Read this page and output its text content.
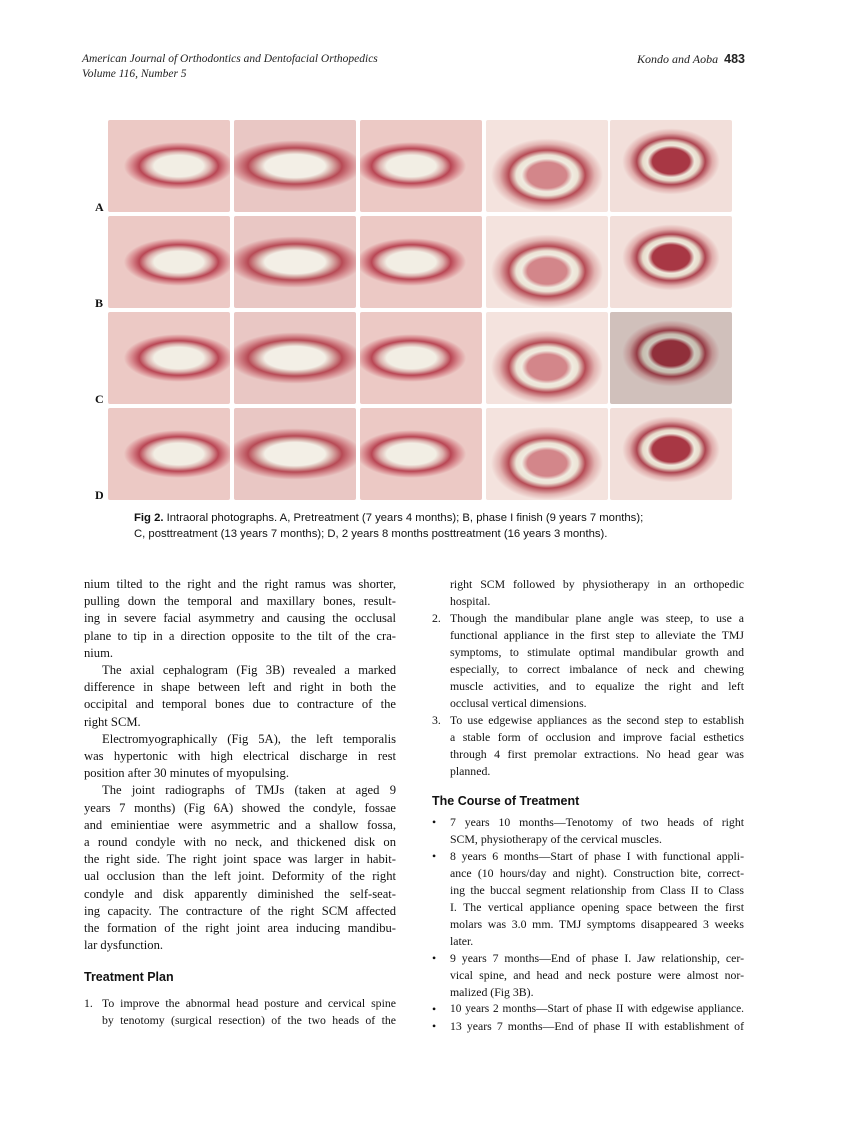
American Journal of Orthodontics and Dentofacial Orthopedics
Volume 116, Number 5
Kondo and Aoba 483
A
B
C
D
Fig 2. Intraoral photographs. A, Pretreatment (7 years 4 months); B, phase I finish (9 years 7 months);
C, posttreatment (13 years 7 months); D, 2 years 8 months posttreatment (16 years 3 months).

nium tilted to the right and the right ramus was shorter,
pulling down the temporal and maxillary bones, result-
ing in severe facial asymmetry and causing the occlusal
plane to tip in a direction opposite to the tilt of the cra-
nium.

The axial cephalogram (Fig 3B) revealed a marked
difference in shape between left and right in both the
occipital and temporal bones due to contracture of the
right SCM.

Electromyographically (Fig 5A), the left temporalis
was hypertonic with high electrical discharge in rest
position after 30 minutes of myopulsing.

The joint radiographs of TMJs (taken at aged 9
years 7 months) (Fig 6A) showed the condyle, fossae
and eminientiae were asymmetric and a shallow fossa,
a round condyle with no neck, and thickened disk on
the right side. The right joint space was larger in habit-
ual occlusion than the left joint. Deformity of the right
condyle and disk apparently diminished the self-seat-
ing capacity. The contracture of the right SCM affected
the formation of the right joint area inducing mandibu-
lar dysfunction.

Treatment Plan

1. To improve the abnormal head posture and cervical spine
by tenotomy (surgical resection) of the two heads of the
right SCM followed by physiotherapy in an orthopedic
hospital.
2. Though the mandibular plane angle was steep, to use a
functional appliance in the first step to alleviate the TMJ
symptoms, to stimulate optimal mandibular growth and
especially, to correct imbalance of neck and chewing
muscle activities, and to equalize the right and left
occlusal vertical dimensions.
3. To use edgewise appliances as the second step to establish
a stable form of occlusion and improve facial esthetics
through 4 first premolar extractions. No head gear was
planned.

The Course of Treatment

• 7 years 10 months—Tenotomy of two heads of right
SCM, physiotherapy of the cervical muscles.
• 8 years 6 months—Start of phase I with functional appli-
ance (10 hours/day and night). Construction bite, correct-
ing the buccal segment relationship from Class II to Class
I. The vertical appliance opening space between the first
molars was 3.0 mm. TMJ symptoms disappeared 3 weeks
later.
• 9 years 7 months—End of phase I. Jaw relationship, cer-
vical spine, and head and neck posture were almost nor-
malized (Fig 3B).
• 10 years 2 months—Start of phase II with edgewise appliance.
• 13 years 7 months—End of phase II with establishment of
